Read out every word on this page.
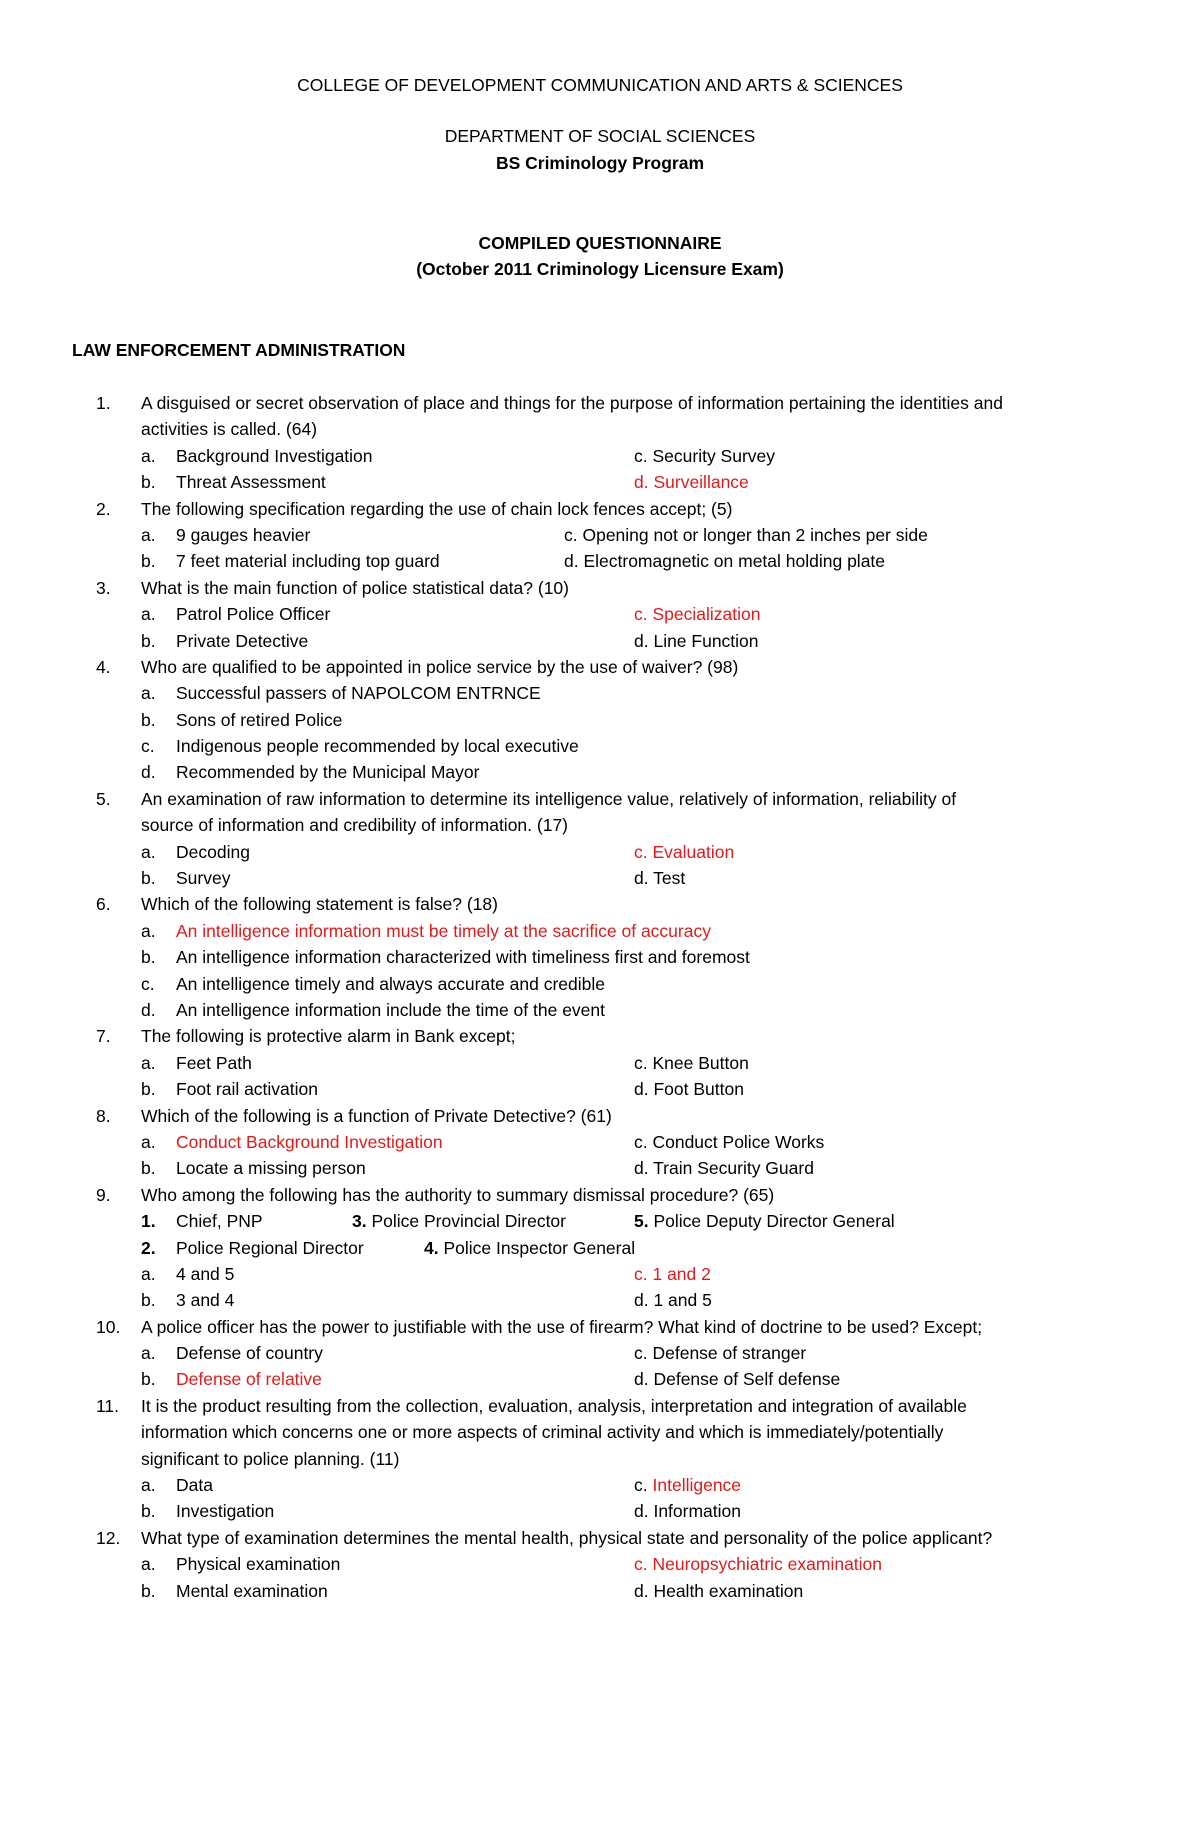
COLLEGE OF DEVELOPMENT COMMUNICATION AND ARTS & SCIENCES
DEPARTMENT OF SOCIAL SCIENCES
BS Criminology Program
COMPILED QUESTIONNAIRE
(October 2011 Criminology Licensure Exam)
LAW ENFORCEMENT ADMINISTRATION
1.	A disguised or secret observation of place and things for the purpose of information pertaining the identities and
activities is called. (64)
a. Background Investigation	c. Security Survey
b. Threat Assessment	d. Surveillance
2.	The following specification regarding the use of chain lock fences accept; (5)
a. 9 gauges heavier	c. Opening not or longer than 2 inches per side
b. 7 feet material including top guard	d. Electromagnetic on metal holding plate
3.	What is the main function of police statistical data? (10)
a. Patrol Police Officer	c. Specialization
b. Private Detective	d. Line Function
4.	Who are qualified to be appointed in police service by the use of waiver? (98)
a. Successful passers of NAPOLCOM ENTRNCE
b. Sons of retired Police
c. Indigenous people recommended by local executive
d. Recommended by the Municipal Mayor
5.	An examination of raw information to determine its intelligence value, relatively of information, reliability of
source of information and credibility of information. (17)
a. Decoding	c. Evaluation
b. Survey	d. Test
6.	Which of the following statement is false? (18)
a. An intelligence information must be timely at the sacrifice of accuracy
b. An intelligence information characterized with timeliness first and foremost
c. An intelligence timely and always accurate and credible
d. An intelligence information include the time of the event
7.	The following is protective alarm in Bank except;
a. Feet Path	c. Knee Button
b. Foot rail activation	d. Foot Button
8.	Which of the following is a function of Private Detective? (61)
a. Conduct Background Investigation	c. Conduct Police Works
b. Locate a missing person	d. Train Security Guard
9.	Who among the following has the authority to summary dismissal procedure? (65)
1. Chief, PNP	3. Police Provincial Director	5. Police Deputy Director General
2. Police Regional Director	4. Police Inspector General
a. 4 and 5	c. 1 and 2
b. 3 and 4	d. 1 and 5
10.	A police officer has the power to justifiable with the use of firearm? What kind of doctrine to be used? Except;
a. Defense of country	c. Defense of stranger
b. Defense of relative	d. Defense of Self defense
11.	It is the product resulting from the collection, evaluation, analysis, interpretation and integration of available
information which concerns one or more aspects of criminal activity and which is immediately/potentially
significant to police planning. (11)
a. Data	c. Intelligence
b. Investigation	d. Information
12.	What type of examination determines the mental health, physical state and personality of the police applicant?
a. Physical examination	c. Neuropsychiatric examination
b. Mental examination	d. Health examination
